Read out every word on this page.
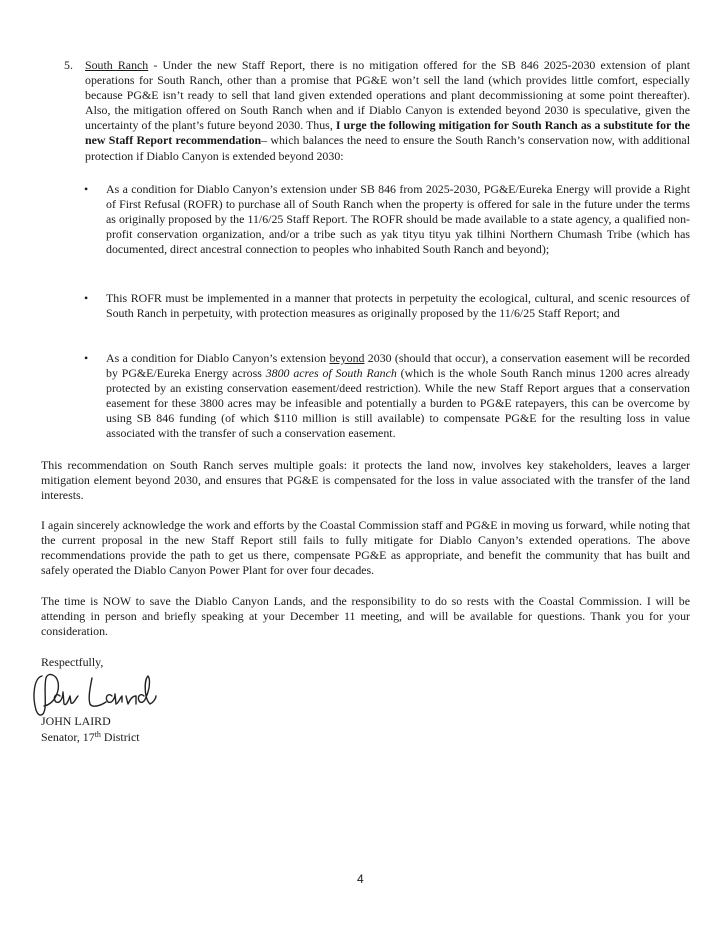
5. South Ranch - Under the new Staff Report, there is no mitigation offered for the SB 846 2025-2030 extension of plant operations for South Ranch, other than a promise that PG&E won’t sell the land (which provides little comfort, especially because PG&E isn’t ready to sell that land given extended operations and plant decommissioning at some point thereafter). Also, the mitigation offered on South Ranch when and if Diablo Canyon is extended beyond 2030 is speculative, given the uncertainty of the plant’s future beyond 2030. Thus, I urge the following mitigation for South Ranch as a substitute for the new Staff Report recommendation– which balances the need to ensure the South Ranch’s conservation now, with additional protection if Diablo Canyon is extended beyond 2030:
• As a condition for Diablo Canyon’s extension under SB 846 from 2025-2030, PG&E/Eureka Energy will provide a Right of First Refusal (ROFR) to purchase all of South Ranch when the property is offered for sale in the future under the terms as originally proposed by the 11/6/25 Staff Report. The ROFR should be made available to a state agency, a qualified non-profit conservation organization, and/or a tribe such as yak tityu tityu yak tilhini Northern Chumash Tribe (which has documented, direct ancestral connection to peoples who inhabited South Ranch and beyond);
• This ROFR must be implemented in a manner that protects in perpetuity the ecological, cultural, and scenic resources of South Ranch in perpetuity, with protection measures as originally proposed by the 11/6/25 Staff Report; and
• As a condition for Diablo Canyon’s extension beyond 2030 (should that occur), a conservation easement will be recorded by PG&E/Eureka Energy across 3800 acres of South Ranch (which is the whole South Ranch minus 1200 acres already protected by an existing conservation easement/deed restriction). While the new Staff Report argues that a conservation easement for these 3800 acres may be infeasible and potentially a burden to PG&E ratepayers, this can be overcome by using SB 846 funding (of which $110 million is still available) to compensate PG&E for the resulting loss in value associated with the transfer of such a conservation easement.
This recommendation on South Ranch serves multiple goals: it protects the land now, involves key stakeholders, leaves a larger mitigation element beyond 2030, and ensures that PG&E is compensated for the loss in value associated with the transfer of the land interests.
I again sincerely acknowledge the work and efforts by the Coastal Commission staff and PG&E in moving us forward, while noting that the current proposal in the new Staff Report still fails to fully mitigate for Diablo Canyon’s extended operations. The above recommendations provide the path to get us there, compensate PG&E as appropriate, and benefit the community that has built and safely operated the Diablo Canyon Power Plant for over four decades.
The time is NOW to save the Diablo Canyon Lands, and the responsibility to do so rests with the Coastal Commission. I will be attending in person and briefly speaking at your December 11 meeting, and will be available for questions. Thank you for your consideration.
Respectfully,
JOHN LAIRD
Senator, 17th District
4
